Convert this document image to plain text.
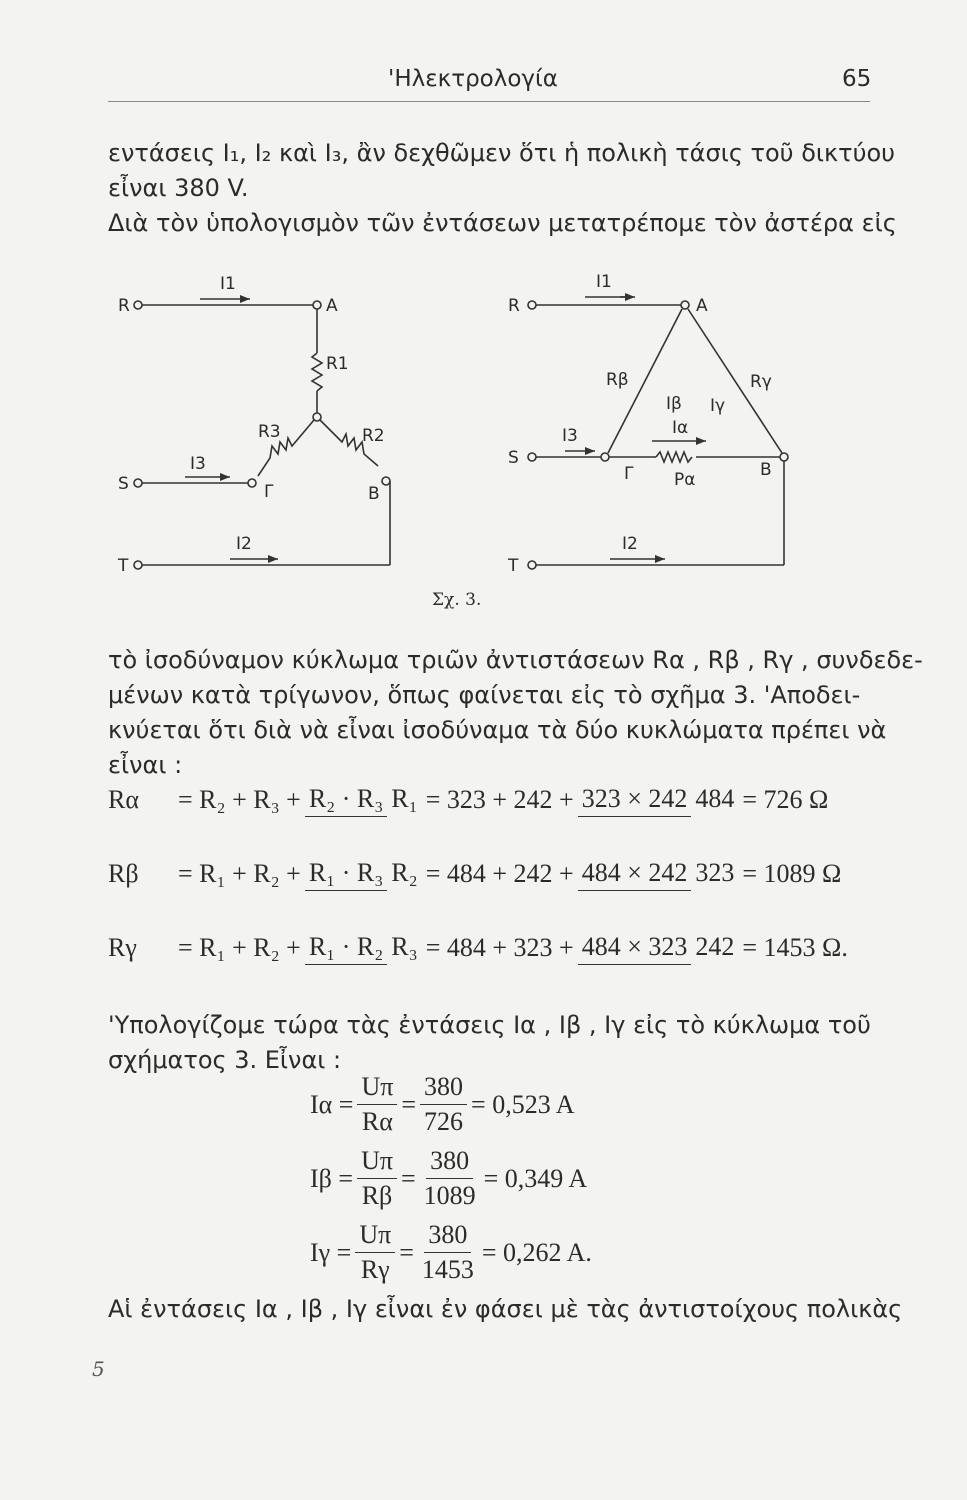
'Ηλεκτρολογία	65
εντάσεις Ι₁, Ι₂ καὶ Ι₃, ἂν δεχθῶμεν ὅτι ἡ πολικὴ τάσις τοῦ δικτύου
εἶναι 380 V.
Διὰ τὸν ὑπολογισμὸν τῶν ἐντάσεων μετατρέπομε τὸν ἀστέρα εἰς
R	A
I1
R1
R3	R2
S
I3
Γ	B
T
I2
R	A
I1
Rβ	Rγ
Iβ Iγ
Iα
S
I3
Γ Pα	B
T
I2
Σχ. 3.
τὸ ἰσοδύναμον κύκλωμα τριῶν ἀντιστάσεων Rα , Rβ , Rγ , συνδεδε-
μένων κατὰ τρίγωνον, ὅπως φαίνεται εἰς τὸ σχῆμα 3. 'Αποδει-
κνύεται ὅτι διὰ νὰ εἶναι ἰσοδύναμα τὰ δύο κυκλώματα πρέπει νὰ
εἶναι :
Rα	= R₂ + R₃ + R₂ · R₃ R₁ = 323 + 242 + 323 × 242 484 = 726 Ω
Rβ	= R₁ + R₂ + R₁ · R₃ R₂ = 484 + 242 + 484 × 242 323 = 1089 Ω
Rγ	= R₁ + R₂ + R₁ · R₂ R₃ = 484 + 323 + 484 × 323 242 = 1453 Ω.
'Υπολογίζομε τώρα τὰς ἐντάσεις Ια , Ιβ , Ιγ εἰς τὸ κύκλωμα τοῦ
σχήματος 3. Εἶναι :
$I\alpha = \frac{U\pi}{R\alpha} = \frac{380}{726} = 0,523$ A
$I\beta = \frac{U\pi}{R\beta} = \frac{380}{1089} = 0,349$ A
$I\gamma = \frac{U\pi}{R\gamma} = \frac{380}{1453} = 0,262$ A.
Αἱ ἐντάσεις Ια , Ιβ , Ιγ εἶναι ἐν φάσει μὲ τὰς ἀντιστοίχους πολικὰς
5
